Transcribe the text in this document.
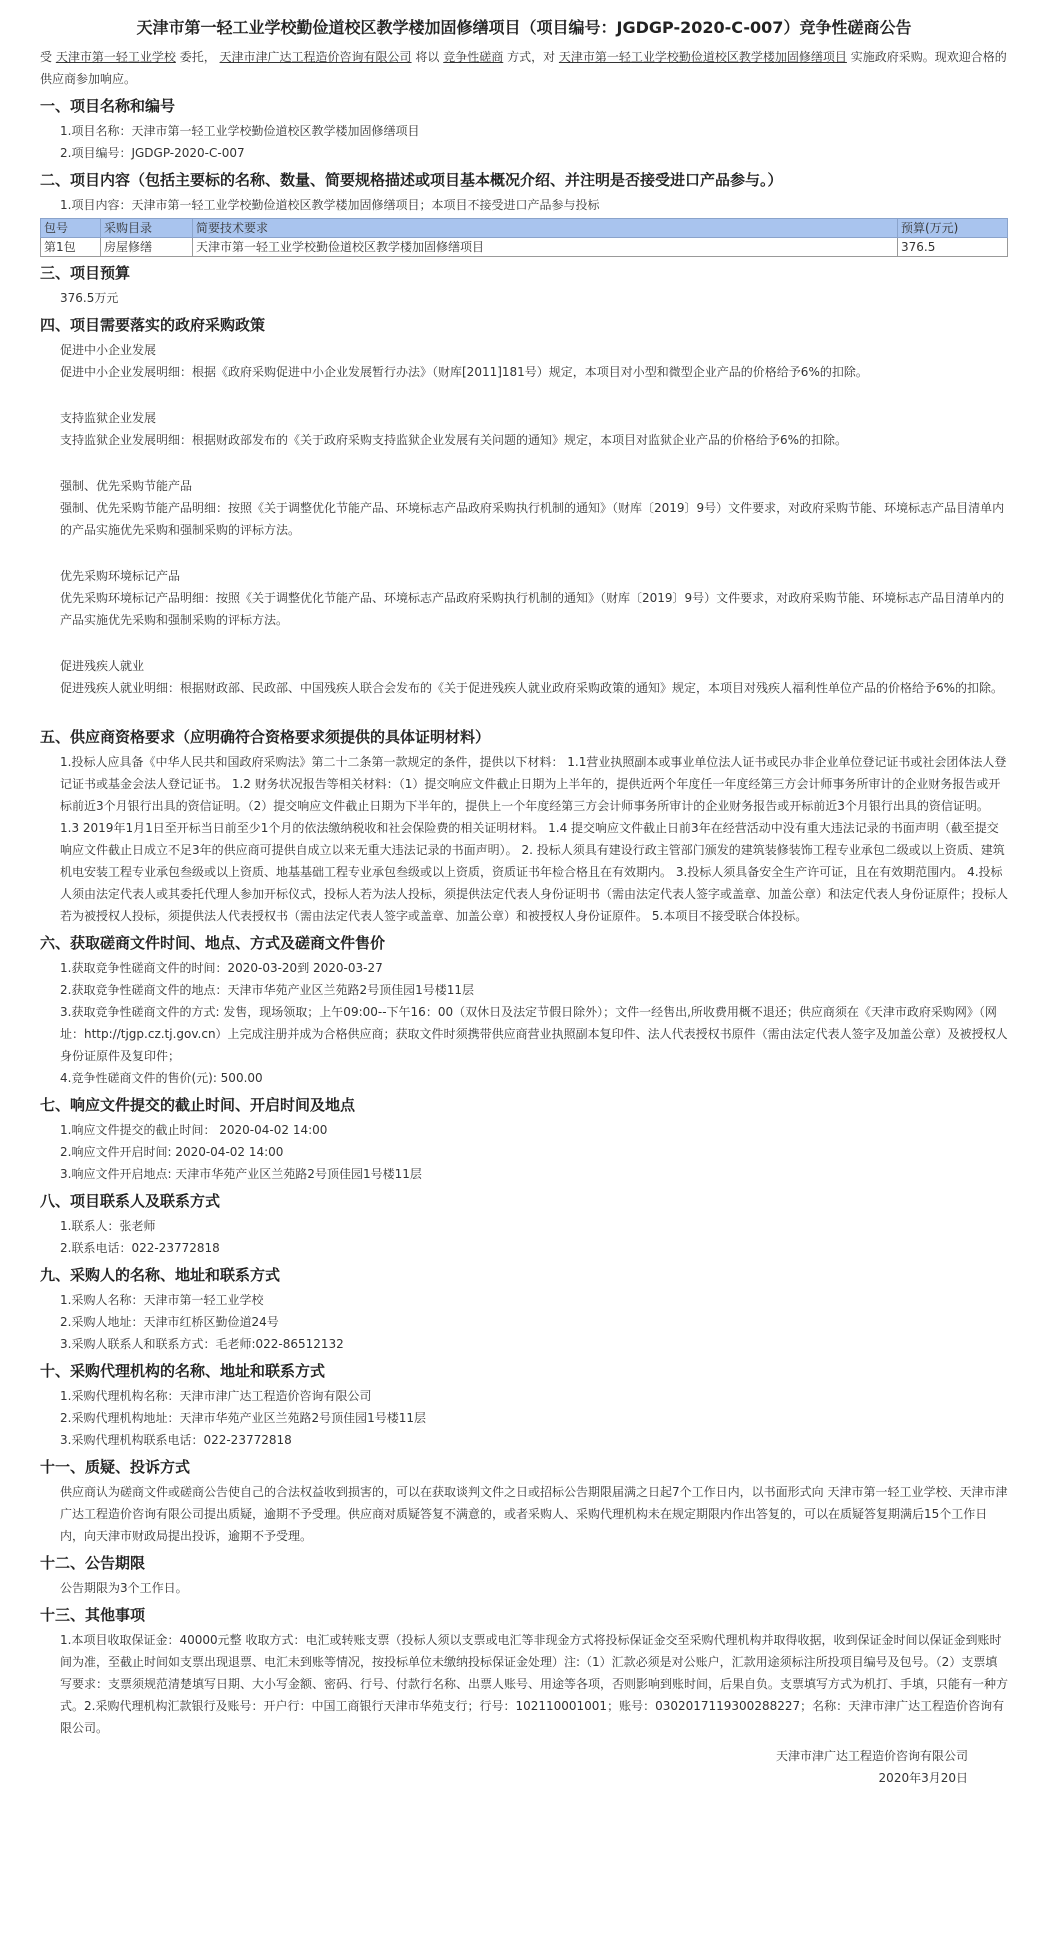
天津市第一轻工业学校勤俭道校区教学楼加固修缮项目（项目编号：JGDGP-2020-C-007）竞争性磋商公告

受 天津市第一轻工业学校 委托， 天津市津广达工程造价咨询有限公司 将以 竞争性磋商 方式，对 天津市第一轻工业学校勤俭道校区教学楼加固修缮项目 实施政府采购。现欢迎合格的供应商参加响应。

一、项目名称和编号

1.项目名称：天津市第一轻工业学校勤俭道校区教学楼加固修缮项目

2.项目编号：JGDGP-2020-C-007

二、项目内容（包括主要标的名称、数量、简要规格描述或项目基本概况介绍、并注明是否接受进口产品参与。）

1.项目内容：天津市第一轻工业学校勤俭道校区教学楼加固修缮项目；本项目不接受进口产品参与投标

包号	采购目录	简要技术要求	预算(万元)
第1包	房屋修缮	天津市第一轻工业学校勤俭道校区教学楼加固修缮项目	376.5
三、项目预算

376.5万元

四、项目需要落实的政府采购政策

促进中小企业发展

促进中小企业发展明细：根据《政府采购促进中小企业发展暂行办法》（财库[2011]181号）规定，本项目对小型和微型企业产品的价格给予6%的扣除。

支持监狱企业发展

支持监狱企业发展明细：根据财政部发布的《关于政府采购支持监狱企业发展有关问题的通知》规定，本项目对监狱企业产品的价格给予6%的扣除。

强制、优先采购节能产品

强制、优先采购节能产品明细：按照《关于调整优化节能产品、环境标志产品政府采购执行机制的通知》（财库〔2019〕9号）文件要求，对政府采购节能、环境标志产品目清单内的产品实施优先采购和强制采购的评标方法。

优先采购环境标记产品

优先采购环境标记产品明细：按照《关于调整优化节能产品、环境标志产品政府采购执行机制的通知》（财库〔2019〕9号）文件要求，对政府采购节能、环境标志产品目清单内的产品实施优先采购和强制采购的评标方法。

促进残疾人就业

促进残疾人就业明细：根据财政部、民政部、中国残疾人联合会发布的《关于促进残疾人就业政府采购政策的通知》规定，本项目对残疾人福利性单位产品的价格给予6%的扣除。

五、供应商资格要求（应明确符合资格要求须提供的具体证明材料）

1.投标人应具备《中华人民共和国政府采购法》第二十二条第一款规定的条件，提供以下材料： 1.1营业执照副本或事业单位法人证书或民办非企业单位登记证书或社会团体法人登记证书或基金会法人登记证书。 1.2 财务状况报告等相关材料：（1）提交响应文件截止日期为上半年的，提供近两个年度任一年度经第三方会计师事务所审计的企业财务报告或开标前近3个月银行出具的资信证明。（2）提交响应文件截止日期为下半年的，提供上一个年度经第三方会计师事务所审计的企业财务报告或开标前近3个月银行出具的资信证明。 1.3 2019年1月1日至开标当日前至少1个月的依法缴纳税收和社会保险费的相关证明材料。 1.4 提交响应文件截止日前3年在经营活动中没有重大违法记录的书面声明（截至提交响应文件截止日成立不足3年的供应商可提供自成立以来无重大违法记录的书面声明）。 2. 投标人须具有建设行政主管部门颁发的建筑装修装饰工程专业承包二级或以上资质、建筑机电安装工程专业承包叁级或以上资质、地基基础工程专业承包叁级或以上资质，资质证书年检合格且在有效期内。 3.投标人须具备安全生产许可证，且在有效期范围内。 4.投标人须由法定代表人或其委托代理人参加开标仪式，投标人若为法人投标，须提供法定代表人身份证明书（需由法定代表人签字或盖章、加盖公章）和法定代表人身份证原件；投标人若为被授权人投标，须提供法人代表授权书（需由法定代表人签字或盖章、加盖公章）和被授权人身份证原件。 5.本项目不接受联合体投标。

六、获取磋商文件时间、地点、方式及磋商文件售价

1.获取竞争性磋商文件的时间：2020-03-20到 2020-03-27

2.获取竞争性磋商文件的地点：天津市华苑产业区兰苑路2号顶佳园1号楼11层

3.获取竞争性磋商文件的方式: 发售，现场领取；上午09:00--下午16：00（双休日及法定节假日除外）；文件一经售出,所收费用概不退还；供应商须在《天津市政府采购网》（网址：http://tjgp.cz.tj.gov.cn）上完成注册并成为合格供应商；获取文件时须携带供应商营业执照副本复印件、法人代表授权书原件（需由法定代表人签字及加盖公章）及被授权人身份证原件及复印件；

4.竞争性磋商文件的售价(元): 500.00

七、响应文件提交的截止时间、开启时间及地点

1.响应文件提交的截止时间： 2020-04-02 14:00

2.响应文件开启时间: 2020-04-02 14:00

3.响应文件开启地点: 天津市华苑产业区兰苑路2号顶佳园1号楼11层

八、项目联系人及联系方式

1.联系人：张老师

2.联系电话：022-23772818

九、采购人的名称、地址和联系方式

1.采购人名称：天津市第一轻工业学校

2.采购人地址：天津市红桥区勤俭道24号

3.采购人联系人和联系方式：毛老师:022-86512132

十、采购代理机构的名称、地址和联系方式

1.采购代理机构名称：天津市津广达工程造价咨询有限公司

2.采购代理机构地址：天津市华苑产业区兰苑路2号顶佳园1号楼11层

3.采购代理机构联系电话：022-23772818

十一、质疑、投诉方式

供应商认为磋商文件或磋商公告使自己的合法权益收到损害的，可以在获取谈判文件之日或招标公告期限届满之日起7个工作日内，以书面形式向 天津市第一轻工业学校、天津市津广达工程造价咨询有限公司提出质疑，逾期不予受理。供应商对质疑答复不满意的，或者采购人、采购代理机构未在规定期限内作出答复的，可以在质疑答复期满后15个工作日内，向天津市财政局提出投诉，逾期不予受理。

十二、公告期限

公告期限为3个工作日。

十三、其他事项

1.本项目收取保证金：40000元整 收取方式：电汇或转账支票（投标人须以支票或电汇等非现金方式将投标保证金交至采购代理机构并取得收据，收到保证金时间以保证金到账时间为准，至截止时间如支票出现退票、电汇未到账等情况，按投标单位未缴纳投标保证金处理）注:（1）汇款必须是对公账户，汇款用途须标注所投项目编号及包号。（2）支票填写要求：支票须规范清楚填写日期、大小写金额、密码、行号、付款行名称、出票人账号、用途等各项，否则影响到账时间，后果自负。支票填写方式为机打、手填，只能有一种方式。2.采购代理机构汇款银行及账号：开户行：中国工商银行天津市华苑支行；行号：102110001001；账号：0302017119300288227；名称：天津市津广达工程造价咨询有限公司。

天津市津广达工程造价咨询有限公司
2020年3月20日
